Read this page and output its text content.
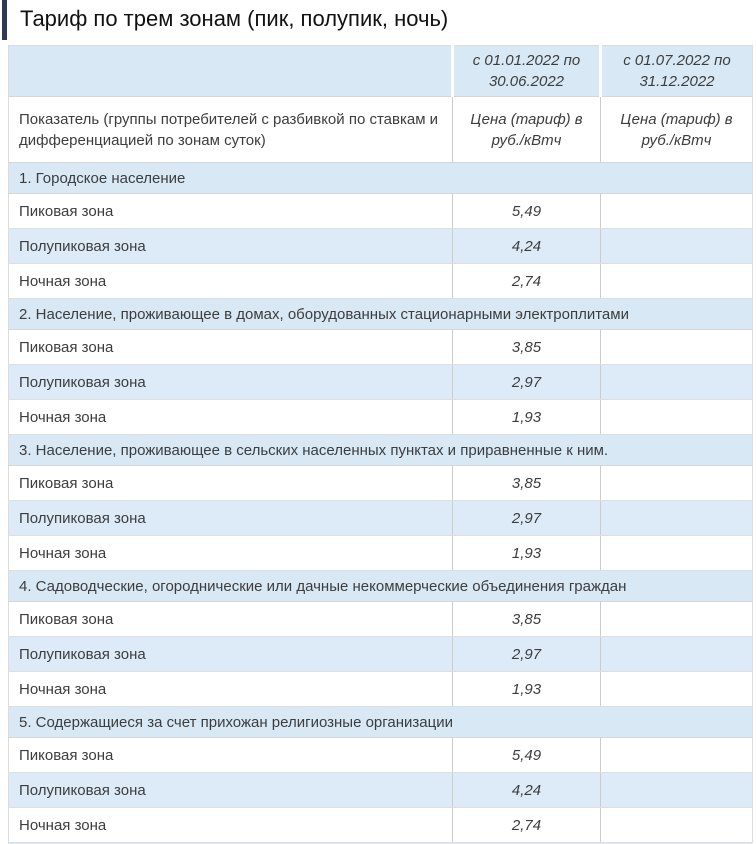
Тариф по трем зонам (пик, полупик, ночь)
	с 01.01.2022 по 30.06.2022	с 01.07.2022 по 31.12.2022
Показатель (группы потребителей с разбивкой по ставкам и дифференциацией по зонам суток)	Цена (тариф) в руб./кВтч	Цена (тариф) в руб./кВтч
1. Городское население		
Пиковая зона	5,49	
Полупиковая зона	4,24	
Ночная зона	2,74	
2. Население, проживающее в домах, оборудованных стационарными электроплитами		
Пиковая зона	3,85	
Полупиковая зона	2,97	
Ночная зона	1,93	
3. Население, проживающее в сельских населенных пунктах и приравненные к ним.		
Пиковая зона	3,85	
Полупиковая зона	2,97	
Ночная зона	1,93	
4. Садоводческие, огороднические или дачные некоммерческие объединения граждан		
Пиковая зона	3,85	
Полупиковая зона	2,97	
Ночная зона	1,93	
5. Содержащиеся за счет прихожан религиозные организации		
Пиковая зона	5,49	
Полупиковая зона	4,24	
Ночная зона	2,74	
